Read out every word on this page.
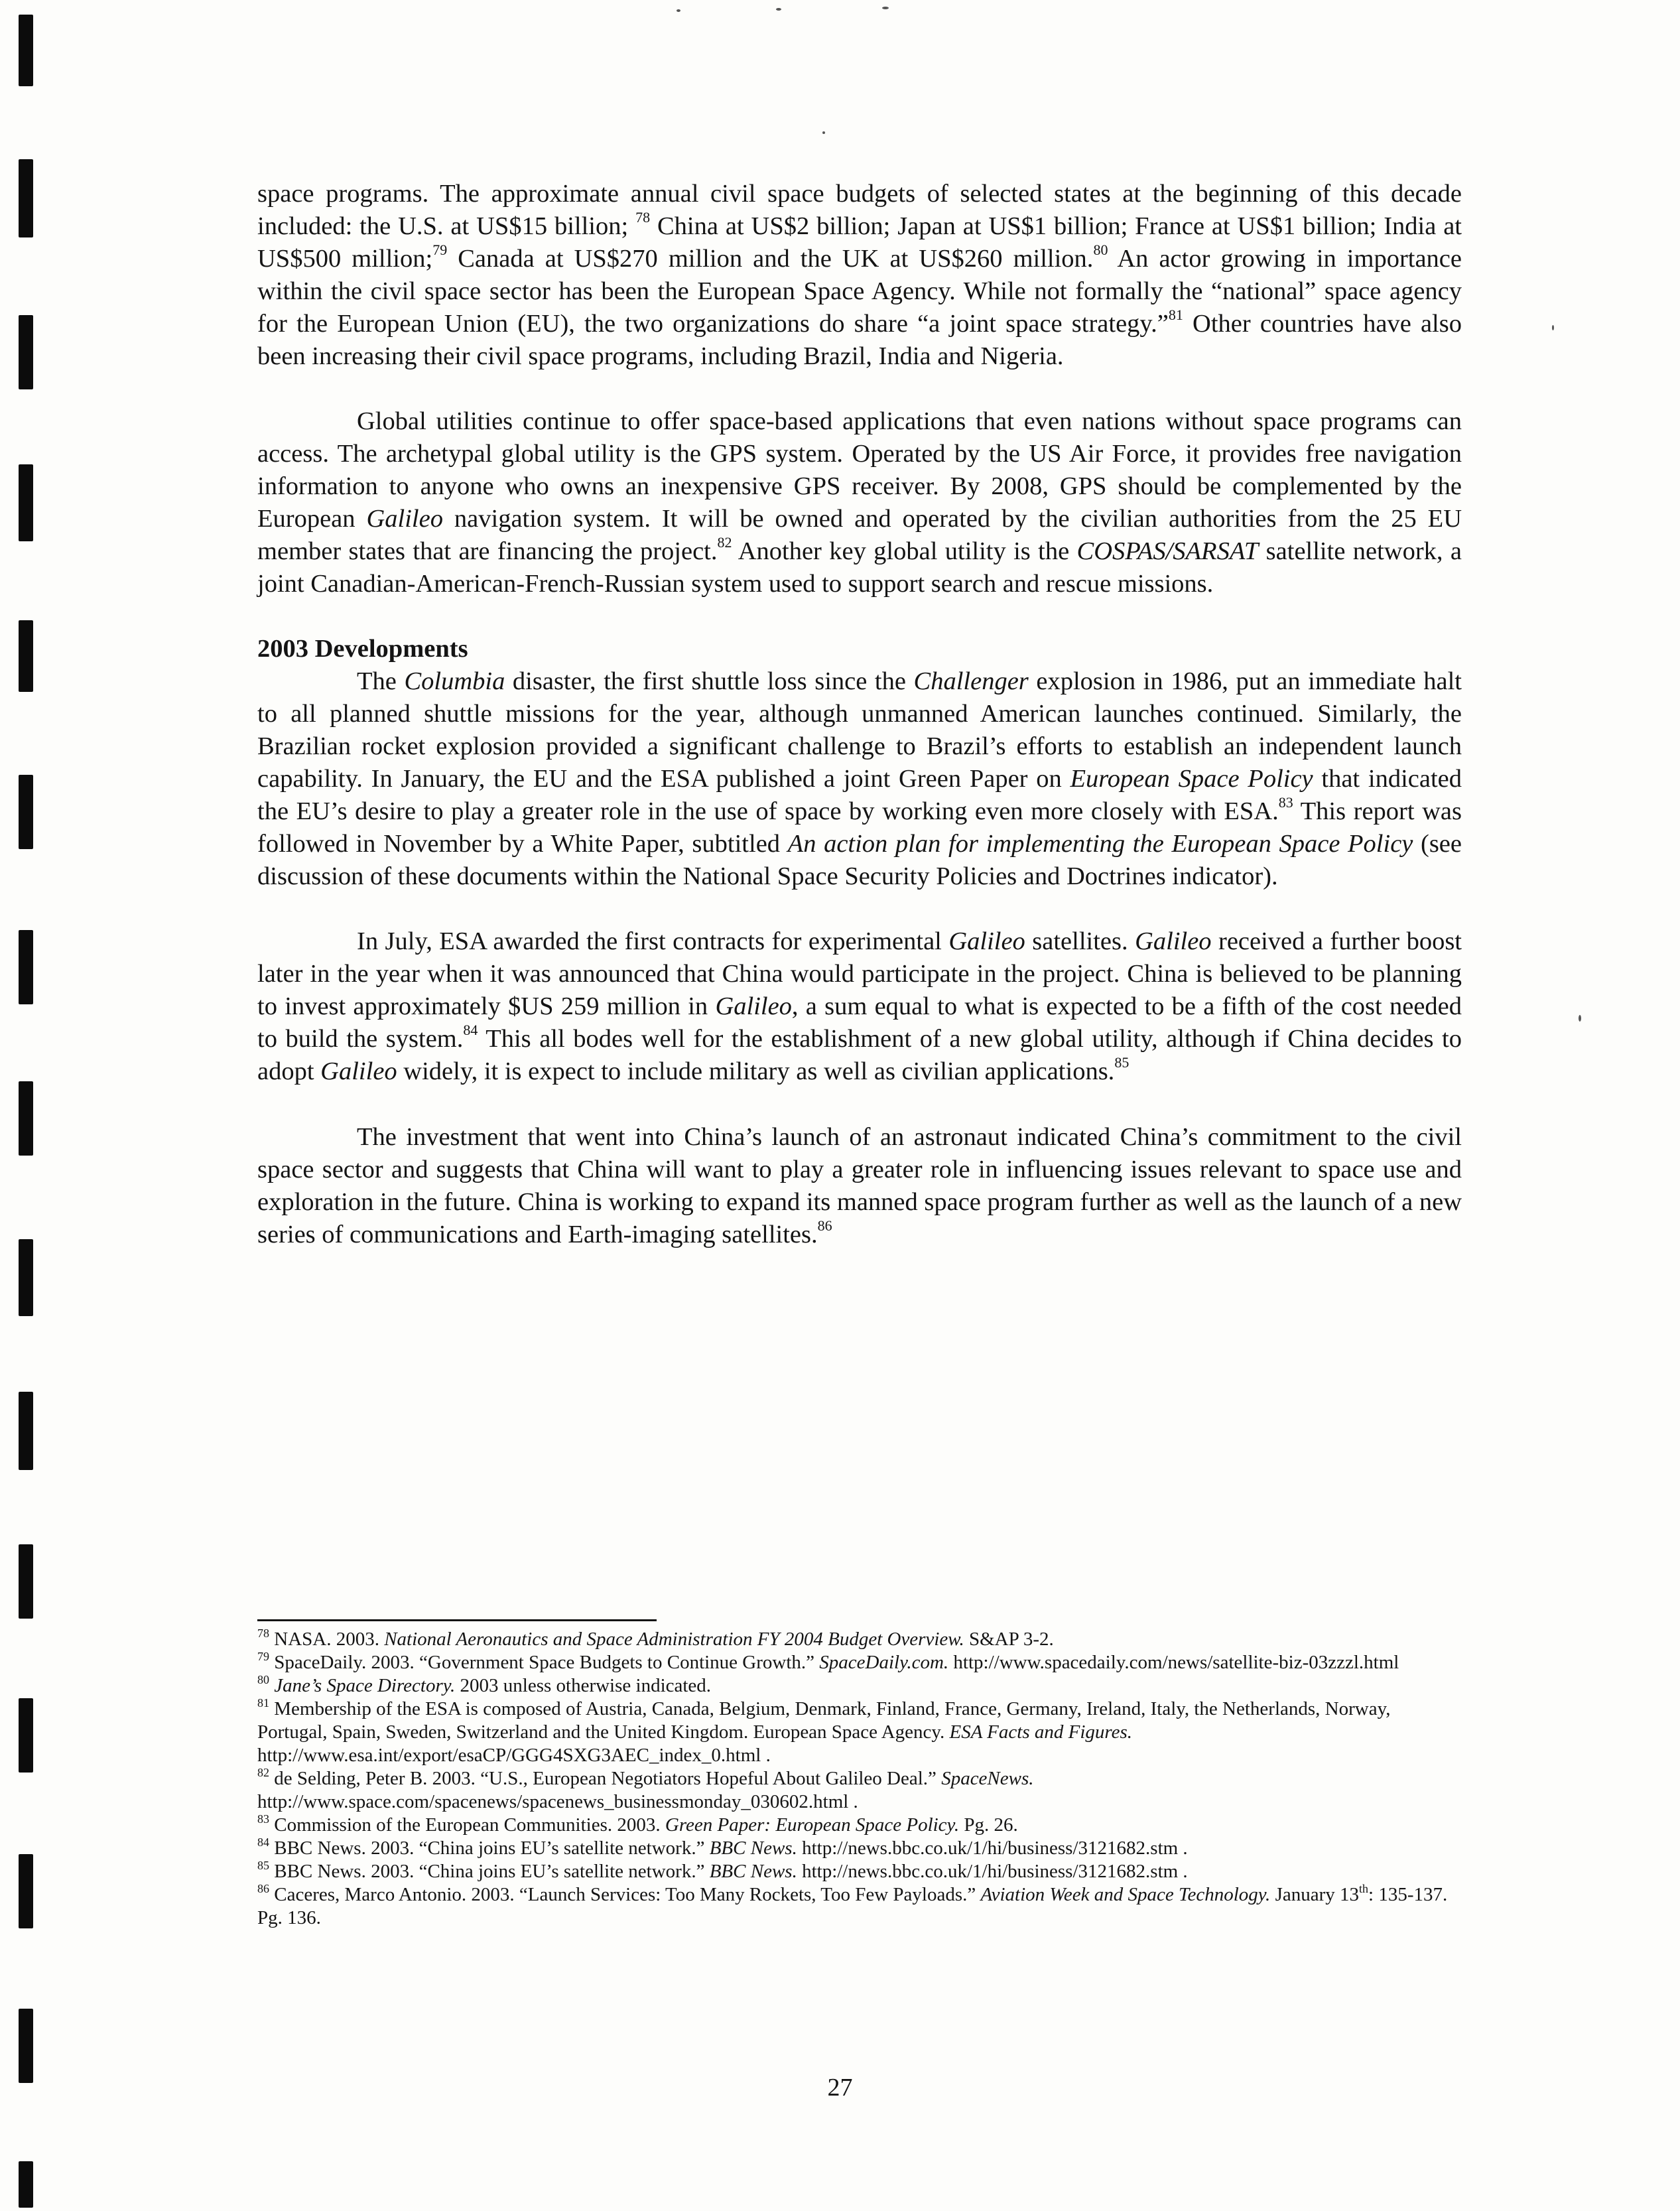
space programs. The approximate annual civil space budgets of selected states at the beginning of this decade included: the U.S. at US$15 billion; $^{78}$ China at US$2 billion; Japan at US$1 billion; France at US$1 billion; India at US$500 million;$^{79}$ Canada at US$270 million and the UK at US$260 million.$^{80}$ An actor growing in importance within the civil space sector has been the European Space Agency. While not formally the “national” space agency for the European Union (EU), the two organizations do share “a joint space strategy.”$^{81}$ Other countries have also been increasing their civil space programs, including Brazil, India and Nigeria.

Global utilities continue to offer space-based applications that even nations without space programs can access. The archetypal global utility is the GPS system. Operated by the US Air Force, it provides free navigation information to anyone who owns an inexpensive GPS receiver. By 2008, GPS should be complemented by the European Galileo navigation system. It will be owned and operated by the civilian authorities from the 25 EU member states that are financing the project.$^{82}$ Another key global utility is the COSPAS/SARSAT satellite network, a joint Canadian-American-French-Russian system used to support search and rescue missions.

2003 Developments

The Columbia disaster, the first shuttle loss since the Challenger explosion in 1986, put an immediate halt to all planned shuttle missions for the year, although unmanned American launches continued. Similarly, the Brazilian rocket explosion provided a significant challenge to Brazil’s efforts to establish an independent launch capability. In January, the EU and the ESA published a joint Green Paper on European Space Policy that indicated the EU’s desire to play a greater role in the use of space by working even more closely with ESA.$^{83}$ This report was followed in November by a White Paper, subtitled An action plan for implementing the European Space Policy (see discussion of these documents within the National Space Security Policies and Doctrines indicator).

In July, ESA awarded the first contracts for experimental Galileo satellites. Galileo received a further boost later in the year when it was announced that China would participate in the project. China is believed to be planning to invest approximately $US 259 million in Galileo, a sum equal to what is expected to be a fifth of the cost needed to build the system.$^{84}$ This all bodes well for the establishment of a new global utility, although if China decides to adopt Galileo widely, it is expect to include military as well as civilian applications.$^{85}$

The investment that went into China’s launch of an astronaut indicated China’s commitment to the civil space sector and suggests that China will want to play a greater role in influencing issues relevant to space use and exploration in the future. China is working to expand its manned space program further as well as the launch of a new series of communications and Earth-imaging satellites.$^{86}$

$^{78}$ NASA. 2003. National Aeronautics and Space Administration FY 2004 Budget Overview. S&AP 3-2.

$^{79}$ SpaceDaily. 2003. “Government Space Budgets to Continue Growth.” SpaceDaily.com. http://www.spacedaily.com/news/satellite-biz-03zzzl.html

$^{80}$ Jane’s Space Directory. 2003 unless otherwise indicated.

$^{81}$ Membership of the ESA is composed of Austria, Canada, Belgium, Denmark, Finland, France, Germany, Ireland, Italy, the Netherlands, Norway, Portugal, Spain, Sweden, Switzerland and the United Kingdom. European Space Agency. ESA Facts and Figures. http://www.esa.int/export/esaCP/GGG4SXG3AEC_index_0.html .

$^{82}$ de Selding, Peter B. 2003. “U.S., European Negotiators Hopeful About Galileo Deal.” SpaceNews. http://www.space.com/spacenews/spacenews_businessmonday_030602.html .

$^{83}$ Commission of the European Communities. 2003. Green Paper: European Space Policy. Pg. 26.

$^{84}$ BBC News. 2003. “China joins EU’s satellite network.” BBC News. http://news.bbc.co.uk/1/hi/business/3121682.stm .

$^{85}$ BBC News. 2003. “China joins EU’s satellite network.” BBC News. http://news.bbc.co.uk/1/hi/business/3121682.stm .

$^{86}$ Caceres, Marco Antonio. 2003. “Launch Services: Too Many Rockets, Too Few Payloads.” Aviation Week and Space Technology. January 13th: 135-137. Pg. 136.

27
